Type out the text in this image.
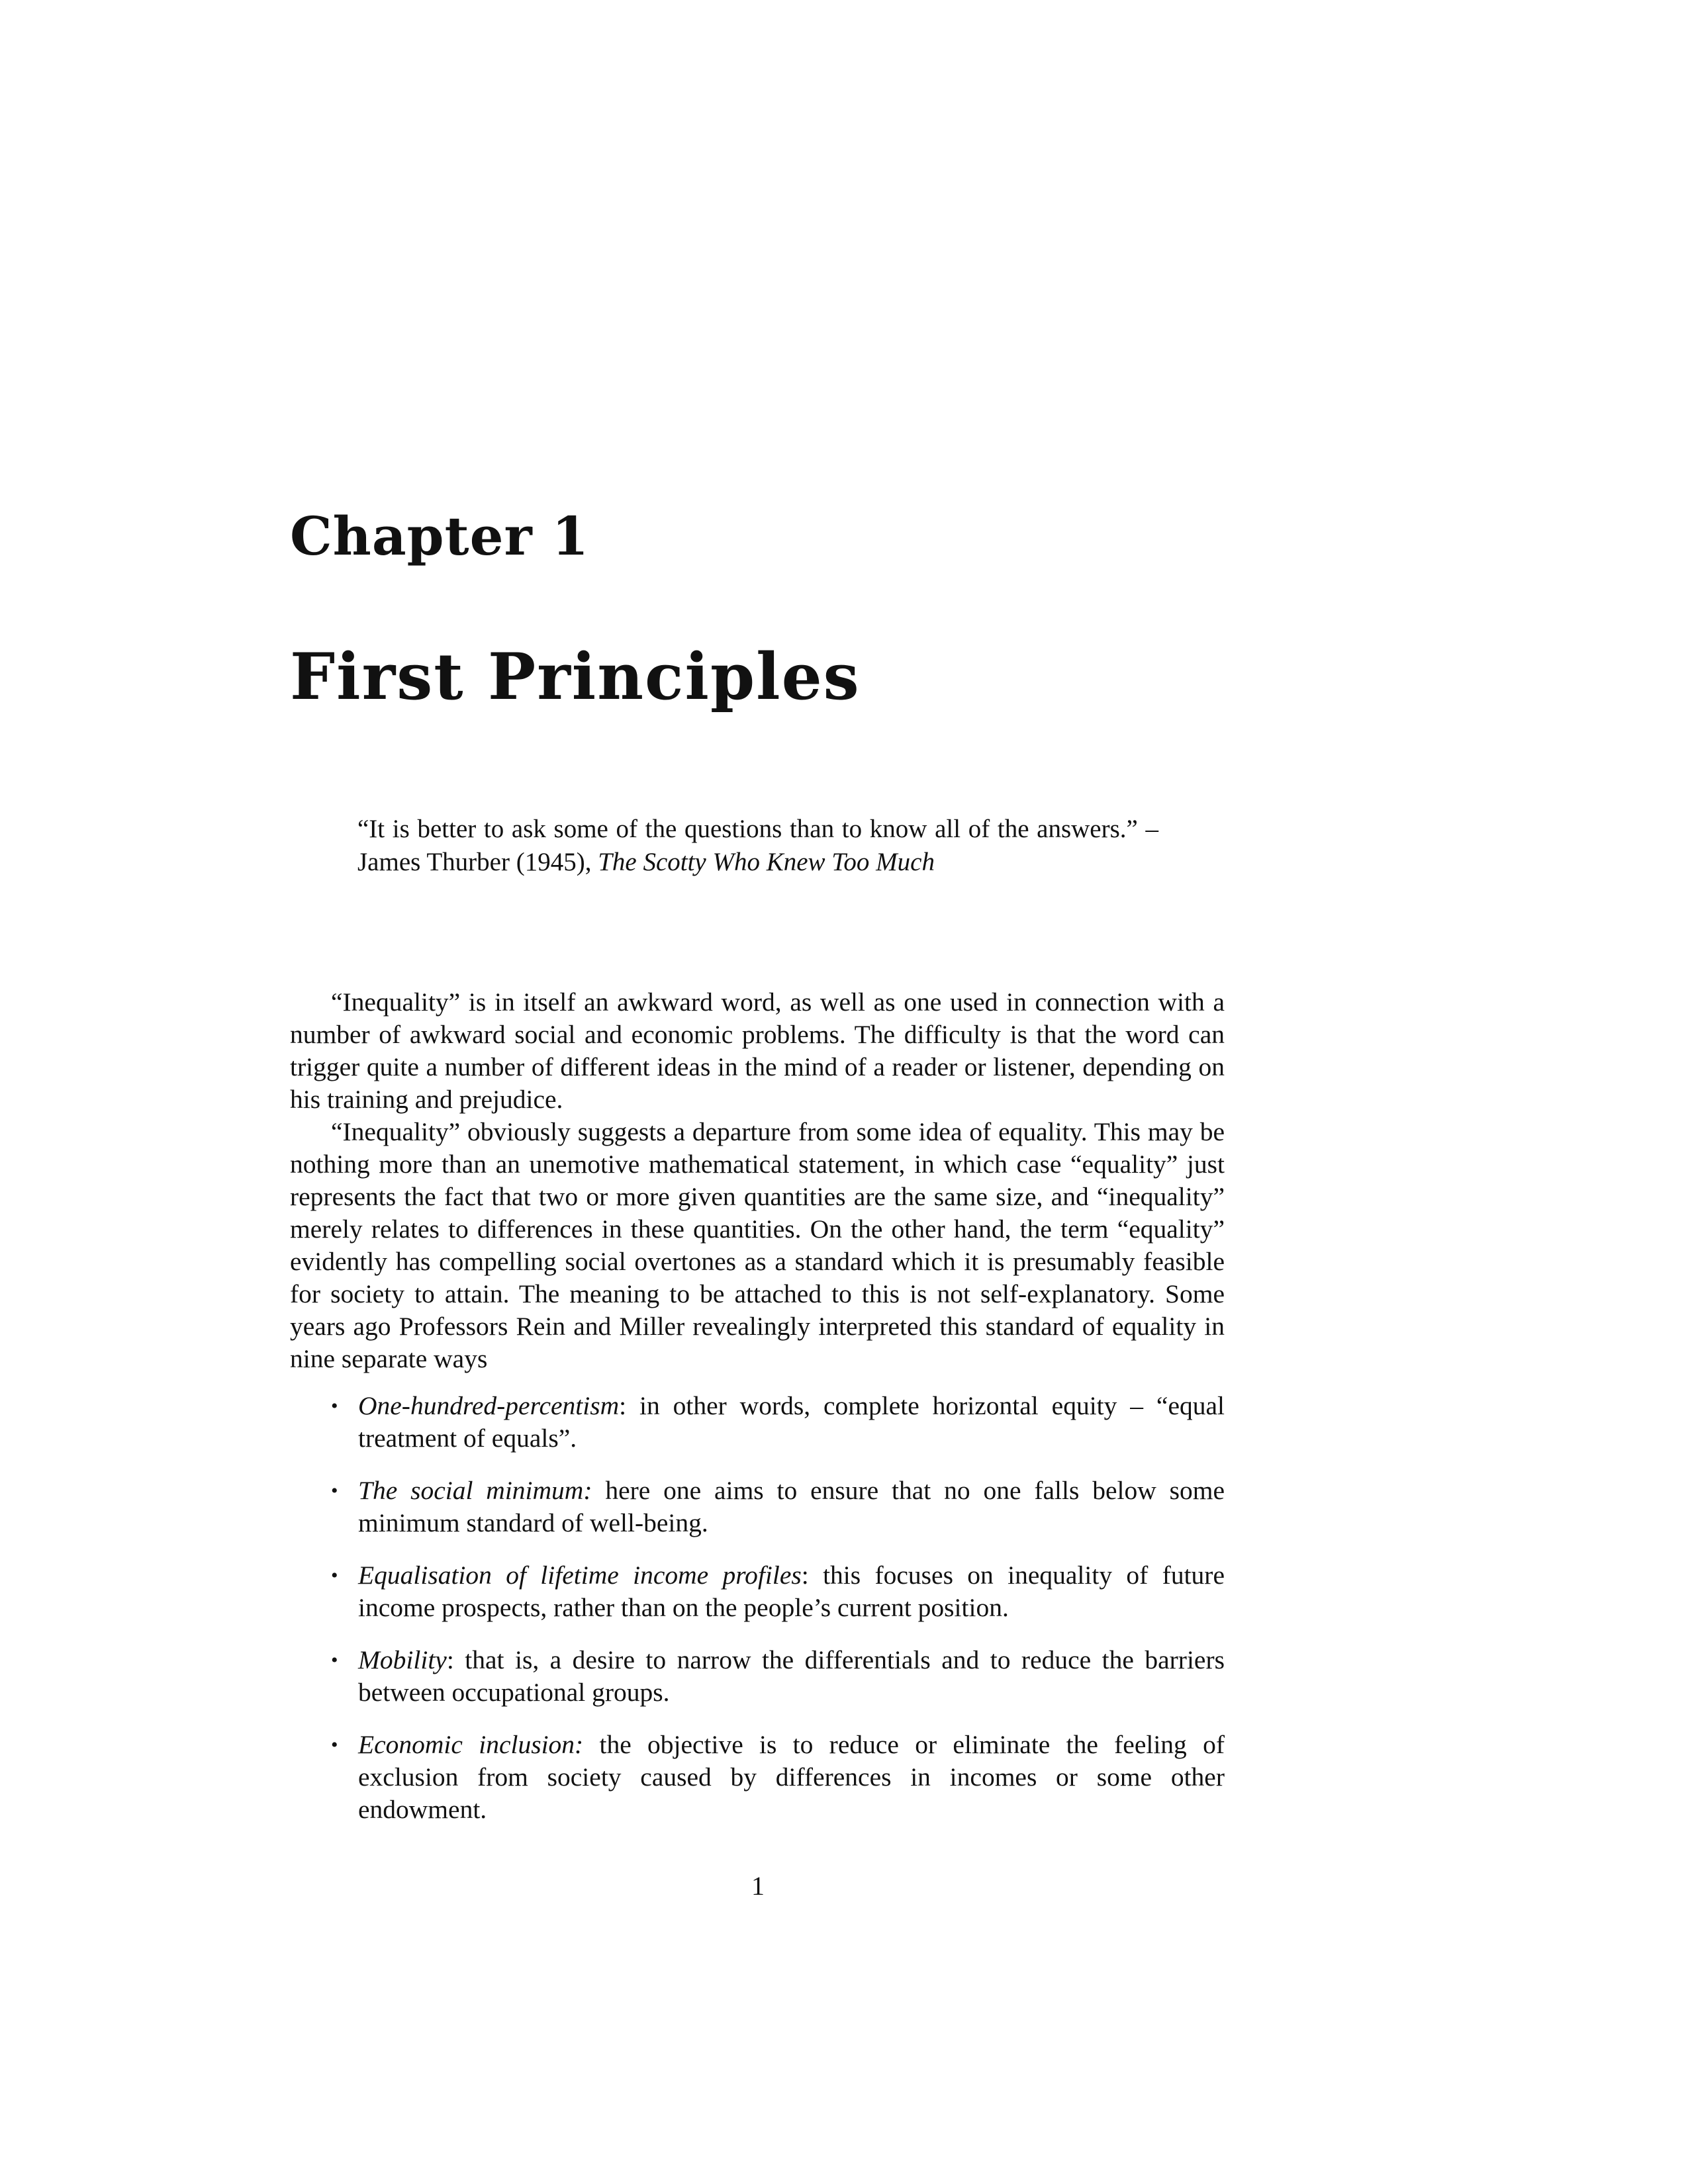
Chapter 1
First Principles
“It is better to ask some of the questions than to know all of the answers.” – James Thurber (1945), The Scotty Who Knew Too Much

“Inequality” is in itself an awkward word, as well as one used in connection with a number of awkward social and economic problems. The difficulty is that the word can trigger quite a number of different ideas in the mind of a reader or listener, depending on his training and prejudice.

“Inequality” obviously suggests a departure from some idea of equality. This may be nothing more than an unemotive mathematical statement, in which case “equality” just represents the fact that two or more given quantities are the same size, and “inequality” merely relates to differences in these quantities. On the other hand, the term “equality” evidently has compelling social overtones as a standard which it is presumably feasible for society to attain. The meaning to be attached to this is not self-explanatory. Some years ago Professors Rein and Miller revealingly interpreted this standard of equality in nine separate ways

• One-hundred-percentism: in other words, complete horizontal equity – “equal treatment of equals”.
• The social minimum: here one aims to ensure that no one falls below some minimum standard of well-being.
• Equalisation of lifetime income profiles: this focuses on inequality of future income prospects, rather than on the people’s current position.
• Mobility: that is, a desire to narrow the differentials and to reduce the barriers between occupational groups.
• Economic inclusion: the objective is to reduce or eliminate the feeling of exclusion from society caused by differences in incomes or some other endowment.
1
